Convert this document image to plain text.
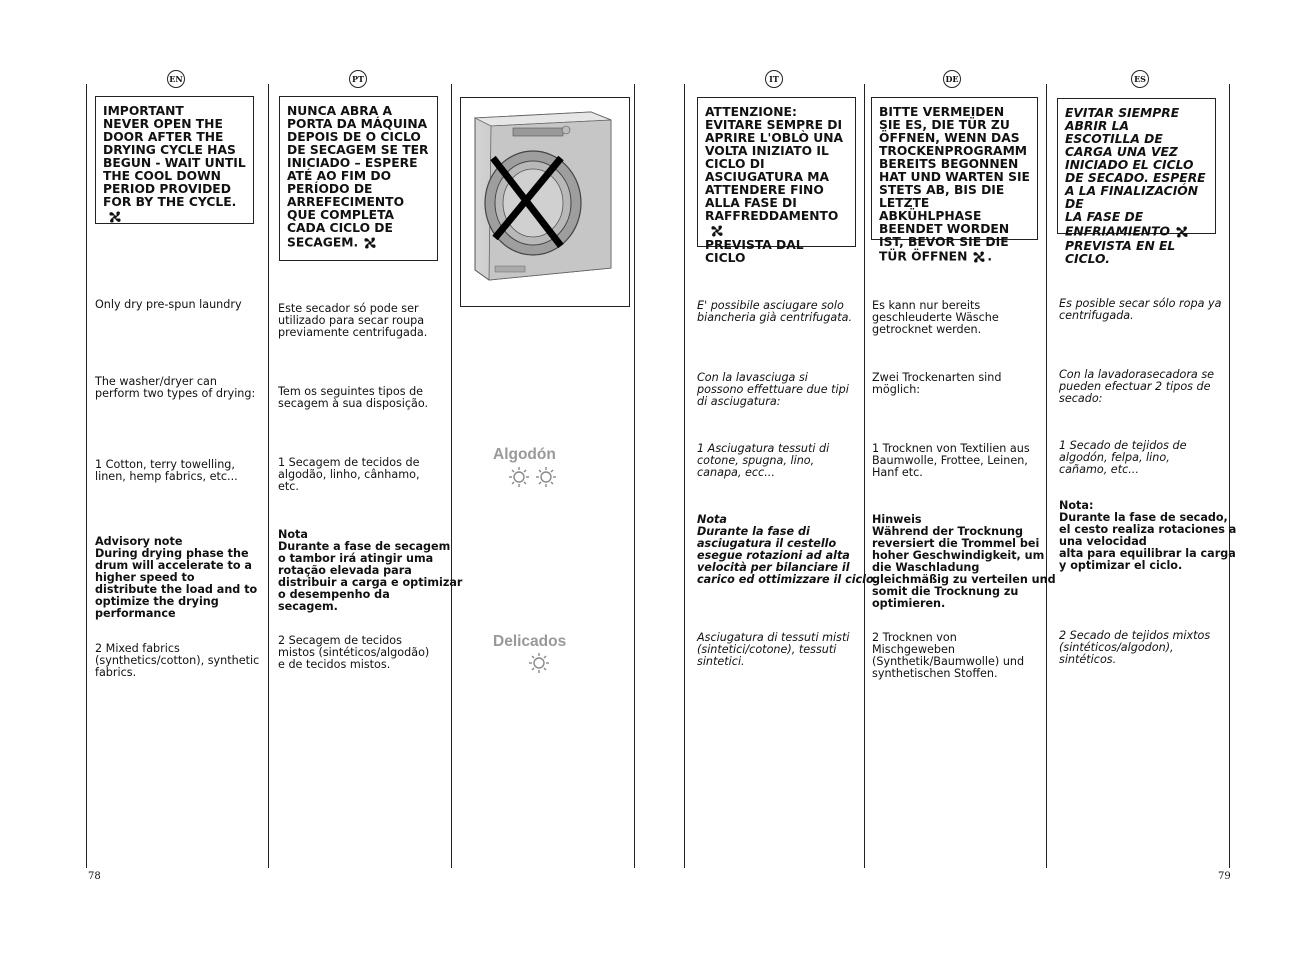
EN	PT	IT	DE	ES
IMPORTANT
NEVER OPEN THE DOOR AFTER THE DRYING CYCLE HAS BEGUN - WAIT UNTIL THE COOL DOWN PERIOD PROVIDED FOR BY THE CYCLE.
NUNCA ABRA A PORTA DA MÁQUINA DEPOIS DE O CICLO DE SECAGEM SE TER INICIADO – ESPERE ATÉ AO FIM DO PERÍODO DE ARREFECIMENTO QUE COMPLETA CADA CICLO DE SECAGEM.
ATTENZIONE:
EVITARE SEMPRE DI APRIRE L'OBLÒ UNA VOLTA INIZIATO IL CICLO DI ASCIUGATURA MA ATTENDERE FINO ALLA FASE DI RAFFREDDAMENTO
PREVISTA DAL CICLO
BITTE VERMEIDEN SIE ES, DIE TÜR ZU ÖFFNEN, WENN DAS TROCKENPROGRAMM BEREITS BEGONNEN HAT UND WARTEN SIE STETS AB, BIS DIE LETZTE ABKÜHLPHASE BEENDET WORDEN IST, BEVOR SIE DIE TÜR ÖFFNEN .
EVITAR SIEMPRE ABRIR LA ESCOTILLA DE CARGA UNA VEZ INICIADO EL CICLO DE SECADO. ESPERE A LA FINALIZACIÓN DE
LA FASE DE
ENFRIAMIENTO
PREVISTA EN EL CICLO.
Only dry pre-spun laundry
The washer/dryer can
perform two types of drying:
1 Cotton, terry towelling,
linen, hemp fabrics, etc...
Advisory note
During drying phase the
drum will accelerate to a
higher speed to
distribute the load and to
optimize the drying
performance
2 Mixed fabrics
(synthetics/cotton), synthetic
fabrics.
Este secador só pode ser
utilizado para secar roupa
previamente centrifugada.
Tem os seguintes tipos de
secagem à sua disposição.
1 Secagem de tecidos de
algodão, linho, cânhamo,
etc.
Nota
Durante a fase de secagem
o tambor irá atingir uma
rotação elevada para
distribuir a carga e optimizar
o desempenho da
secagem.
2 Secagem de tecidos
mistos (sintéticos/algodão)
e de tecidos mistos.
Algodón
Delicados
E' possibile asciugare solo
biancheria già centrifugata.
Con la lavasciuga si
possono effettuare due tipi
di asciugatura:
1 Asciugatura tessuti di
cotone, spugna, lino,
canapa, ecc...
Nota
Durante la fase di
asciugatura il cestello
esegue rotazioni ad alta
velocità per bilanciare il
carico ed ottimizzare il ciclo.
Asciugatura di tessuti misti
(sintetici/cotone), tessuti
sintetici.
Es kann nur bereits
geschleuderte Wäsche
getrocknet werden.
Zwei Trockenarten sind
möglich:
1 Trocknen von Textilien aus
Baumwolle, Frottee, Leinen,
Hanf etc.
Hinweis
Während der Trocknung
reversiert die Trommel bei
hoher Geschwindigkeit, um
die Waschladung
gleichmäßig zu verteilen und
somit die Trocknung zu
optimieren.
2 Trocknen von
Mischgeweben
(Synthetik/Baumwolle) und
synthetischen Stoffen.
Es posible secar sólo ropa ya
centrifugada.
Con la lavadorasecadora se
pueden efectuar 2 tipos de
secado:
1 Secado de tejidos de
algodón, felpa, lino,
cañamo, etc...
Nota:
Durante la fase de secado,
el cesto realiza rotaciones a
una velocidad
alta para equilibrar la carga
y optimizar el ciclo.
2 Secado de tejidos mixtos
(sintéticos/algodon),
sintéticos.
78	79
